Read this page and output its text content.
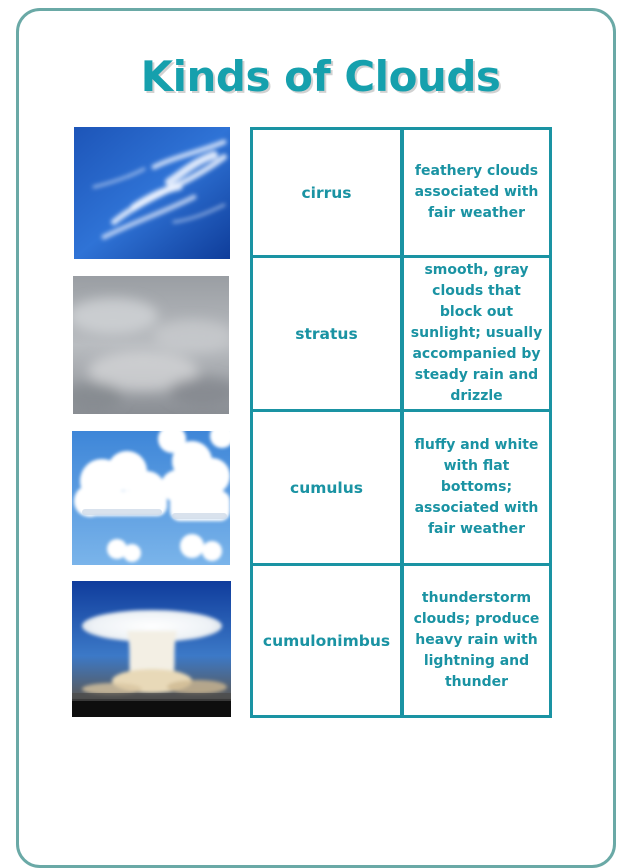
Kinds of Clouds
cirrus
feathery clouds associated with fair weather
stratus
smooth, gray clouds that block out sunlight; usually accompanied by steady rain and drizzle
cumulus
fluffy and white with flat bottoms; associated with fair weather
cumulonimbus
thunderstorm clouds; produce heavy rain with lightning and thunder
